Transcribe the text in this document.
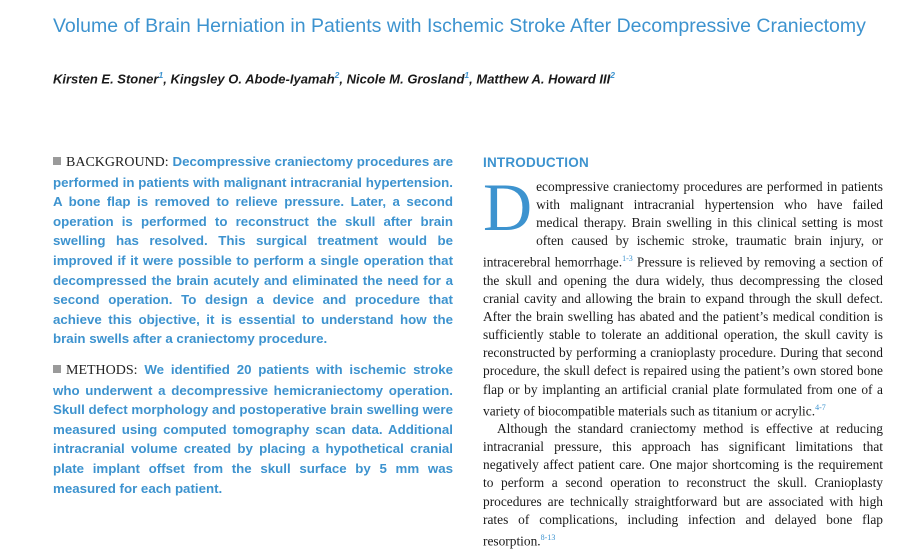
Volume of Brain Herniation in Patients with Ischemic Stroke After Decompressive Craniectomy
Kirsten E. Stoner$^1$, Kingsley O. Abode-Iyamah$^2$, Nicole M. Grosland$^1$, Matthew A. Howard III$^2$

BACKGROUND: Decompressive craniectomy procedures are performed in patients with malignant intracranial hypertension. A bone flap is removed to relieve pressure. Later, a second operation is performed to reconstruct the skull after brain swelling has resolved. This surgical treatment would be improved if it were possible to perform a single operation that decompressed the brain acutely and eliminated the need for a second operation. To design a device and procedure that achieve this objective, it is essential to understand how the brain swells after a craniectomy procedure.

METHODS: We identified 20 patients with ischemic stroke who underwent a decompressive hemicraniectomy operation. Skull defect morphology and postoperative brain swelling were measured using computed tomography scan data. Additional intracranial volume created by placing a hypothetical cranial plate implant offset from the skull surface by 5 mm was measured for each patient.

INTRODUCTION

Decompressive craniectomy procedures are performed in patients with malignant intracranial hypertension who have failed medical therapy. Brain swelling in this clinical setting is most often caused by ischemic stroke, traumatic brain injury, or intracerebral hemorrhage.$^{1-3}$ Pressure is relieved by removing a section of the skull and opening the dura widely, thus decompressing the closed cranial cavity and allowing the brain to expand through the skull defect. After the brain swelling has abated and the patient’s medical condition is sufficiently stable to tolerate an additional operation, the skull cavity is reconstructed by performing a cranioplasty procedure. During that second procedure, the skull defect is repaired using the patient’s own stored bone flap or by implanting an artificial cranial plate formulated from one of a variety of biocompatible materials such as titanium or acrylic.$^{4-7}$

Although the standard craniectomy method is effective at reducing intracranial pressure, this approach has significant limitations that negatively affect patient care. One major shortcoming is the requirement to perform a second operation to reconstruct the skull. Cranioplasty procedures are technically straightforward but are associated with high rates of complications, including infection and delayed bone flap resorption.$^{8-13}$
